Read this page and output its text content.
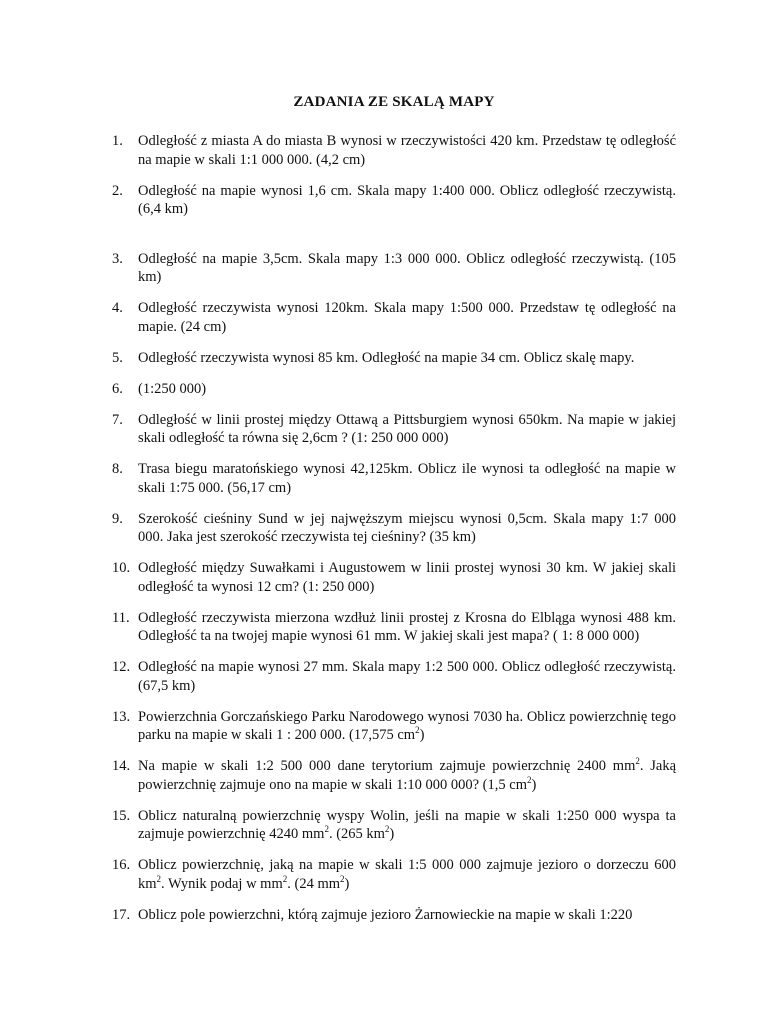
ZADANIA ZE SKALĄ MAPY
1. Odległość z miasta A do miasta B wynosi w rzeczywistości 420 km. Przedstaw tę odległość na mapie w skali 1:1 000 000. (4,2 cm)
2. Odległość na mapie wynosi 1,6 cm. Skala mapy 1:400 000. Oblicz odległość rzeczywistą. (6,4 km)
3. Odległość na mapie 3,5cm. Skala mapy 1:3 000 000. Oblicz odległość rzeczywistą. (105 km)
4. Odległość rzeczywista wynosi 120km. Skala mapy 1:500 000. Przedstaw tę odległość na mapie. (24 cm)
5. Odległość rzeczywista wynosi 85 km. Odległość na mapie 34 cm. Oblicz skalę mapy.
6. (1:250 000)
7. Odległość w linii prostej między Ottawą a Pittsburgiem wynosi 650km. Na mapie w jakiej skali odległość ta równa się 2,6cm ? (1: 250 000 000)
8. Trasa biegu maratońskiego wynosi 42,125km. Oblicz ile wynosi ta odległość na mapie w skali 1:75 000. (56,17 cm)
9. Szerokość cieśniny Sund w jej najwęższym miejscu wynosi 0,5cm. Skala mapy 1:7 000 000. Jaka jest szerokość rzeczywista tej cieśniny? (35 km)
10. Odległość między Suwałkami i Augustowem w linii prostej wynosi 30 km. W jakiej skali odległość ta wynosi 12 cm? (1: 250 000)
11. Odległość rzeczywista mierzona wzdłuż linii prostej z Krosna do Elbląga wynosi 488 km. Odległość ta na twojej mapie wynosi 61 mm. W jakiej skali jest mapa? ( 1: 8 000 000)
12. Odległość na mapie wynosi 27 mm. Skala mapy 1:2 500 000. Oblicz odległość rzeczywistą. (67,5 km)
13. Powierzchnia Gorczańskiego Parku Narodowego wynosi 7030 ha. Oblicz powierzchnię tego parku na mapie w skali 1 : 200 000. (17,575 $cm^2$)
14. Na mapie w skali 1:2 500 000 dane terytorium zajmuje powierzchnię 2400 $mm^2$. Jaką powierzchnię zajmuje ono na mapie w skali 1:10 000 000? (1,5 $cm^2$)
15. Oblicz naturalną powierzchnię wyspy Wolin, jeśli na mapie w skali 1:250 000 wyspa ta zajmuje powierzchnię 4240 $mm^2$. (265 $km^2$)
16. Oblicz powierzchnię, jaką na mapie w skali 1:5 000 000 zajmuje jezioro o dorzeczu 600 $km^2$. Wynik podaj w $mm^2$. (24 $mm^2$)
17. Oblicz pole powierzchni, którą zajmuje jezioro Żarnowieckie na mapie w skali 1:220
